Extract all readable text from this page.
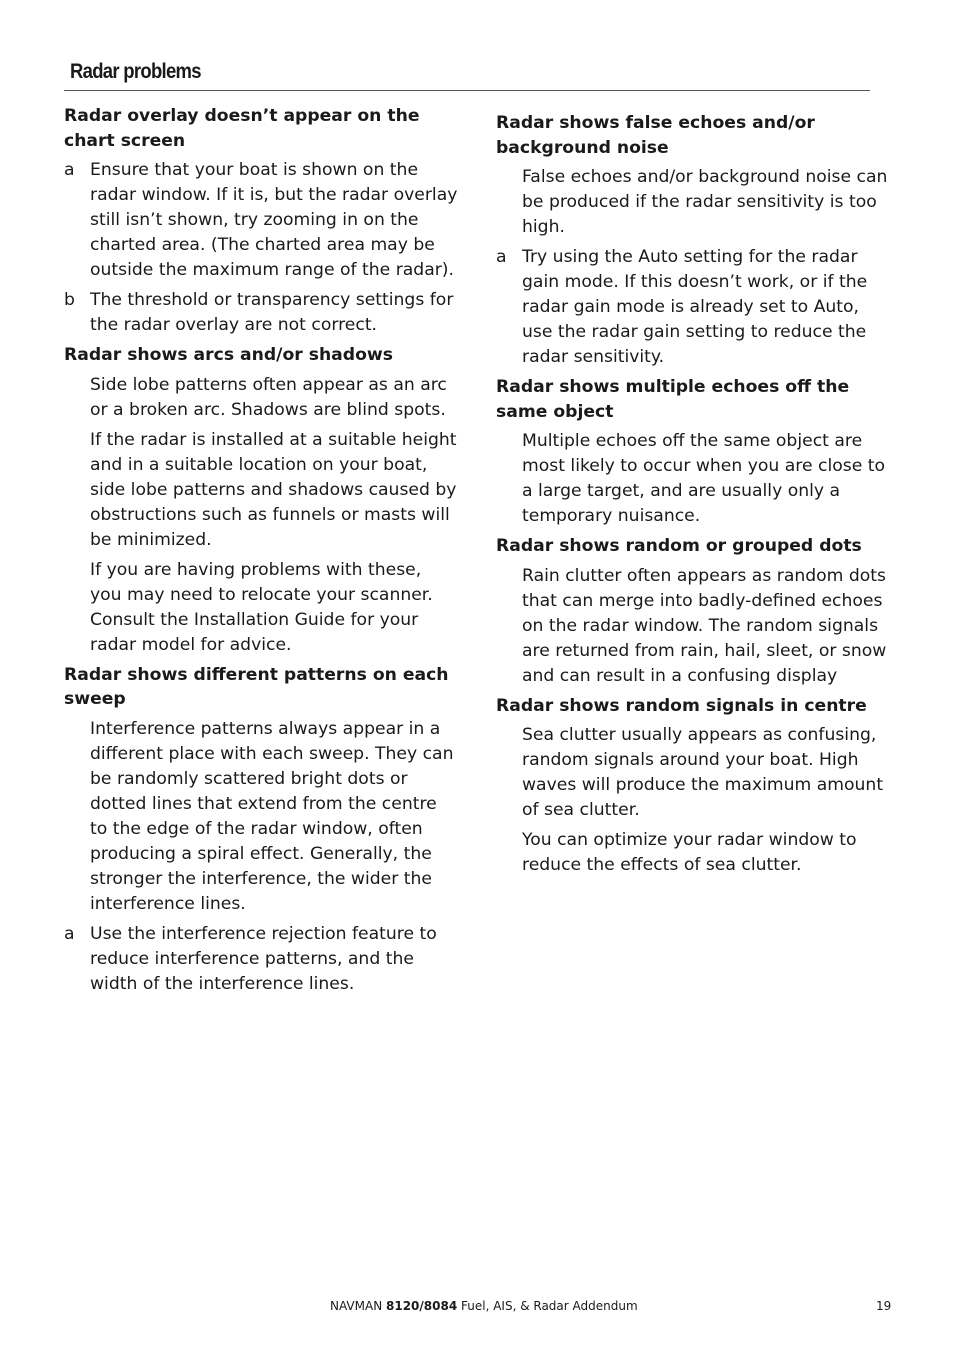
Radar problems
Radar overlay doesn’t appear on the chart screen
a Ensure that your boat is shown on the radar window. If it is, but the radar overlay still isn’t shown, try zooming in on the charted area. (The charted area may be outside the maximum range of the radar).
b The threshold or transparency settings for the radar overlay are not correct.
Radar shows arcs and/or shadows

Side lobe patterns often appear as an arc or a broken arc. Shadows are blind spots.

If the radar is installed at a suitable height and in a suitable location on your boat, side lobe patterns and shadows caused by obstructions such as funnels or masts will be minimized.

If you are having problems with these, you may need to relocate your scanner. Consult the Installation Guide for your radar model for advice.

Radar shows different patterns on each sweep

Interference patterns always appear in a different place with each sweep. They can be randomly scattered bright dots or dotted lines that extend from the centre to the edge of the radar window, often producing a spiral effect. Generally, the stronger the interference, the wider the interference lines.

a Use the interference rejection feature to reduce interference patterns, and the width of the interference lines.
Radar shows false echoes and/or background noise

False echoes and/or background noise can be produced if the radar sensitivity is too high.

a Try using the Auto setting for the radar gain mode. If this doesn’t work, or if the radar gain mode is already set to Auto, use the radar gain setting to reduce the radar sensitivity.
Radar shows multiple echoes off the same object

Multiple echoes off the same object are most likely to occur when you are close to a large target, and are usually only a temporary nuisance.

Radar shows random or grouped dots

Rain clutter often appears as random dots that can merge into badly-defined echoes on the radar window. The random signals are returned from rain, hail, sleet, or snow and can result in a confusing display

Radar shows random signals in centre

Sea clutter usually appears as confusing, random signals around your boat. High waves will produce the maximum amount of sea clutter.

You can optimize your radar window to reduce the effects of sea clutter.

NAVMAN 8120/8084 Fuel, AIS, & Radar Addendum	19
